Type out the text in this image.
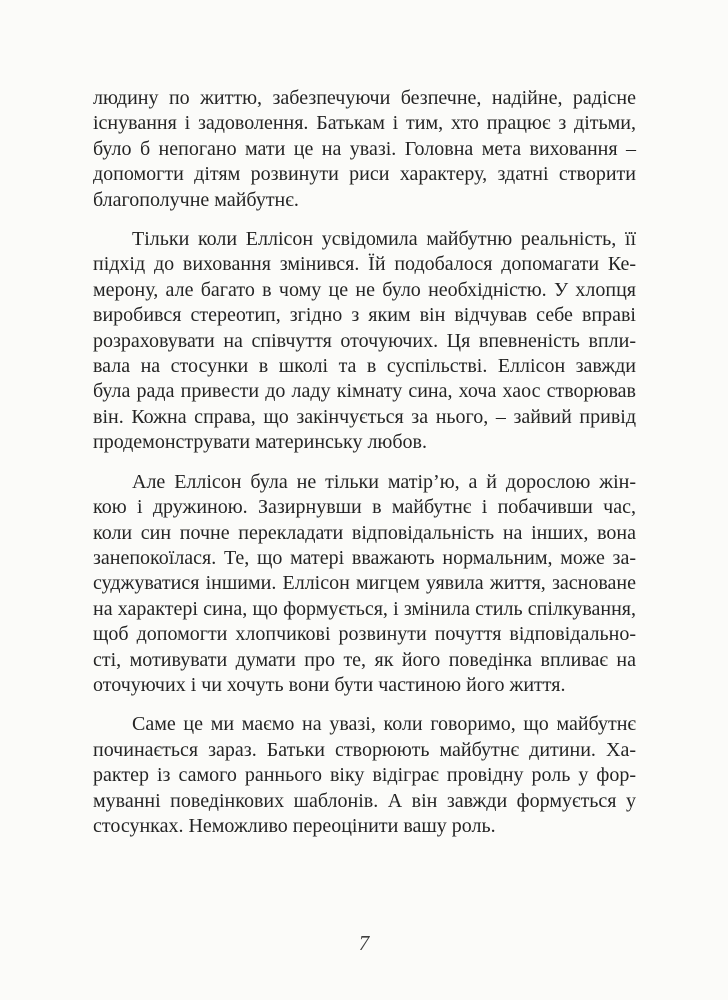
людину по життю, забезпечуючи безпечне, надійне, радісне
існування і задоволення. Батькам і тим, хто працює з дітьми,
було б непогано мати це на увазі. Головна мета виховання –
допомогти дітям розвинути риси характеру, здатні створити
благополучне майбутнє.
Тільки коли Еллісон усвідомила майбутню реальність, її
підхід до виховання змінився. Їй подобалося допомагати Ке-
мерону, але багато в чому це не було необхідністю. У хлопця
виробився стереотип, згідно з яким він відчував себе вправі
розраховувати на співчуття оточуючих. Ця впевненість впли-
вала на стосунки в школі та в суспільстві. Еллісон завжди
була рада привести до ладу кімнату сина, хоча хаос створював
він. Кожна справа, що закінчується за нього, – зайвий привід
продемонструвати материнську любов.
Але Еллісон була не тільки матір’ю, а й дорослою жін-
кою і дружиною. Зазирнувши в майбутнє і побачивши час,
коли син почне перекладати відповідальність на інших, вона
занепокоїлася. Те, що матері вважають нормальним, може за-
суджуватися іншими. Еллісон мигцем уявила життя, засноване
на характері сина, що формується, і змінила стиль спілкування,
щоб допомогти хлопчикові розвинути почуття відповідально-
сті, мотивувати думати про те, як його поведінка впливає на
оточуючих і чи хочуть вони бути частиною його життя.
Саме це ми маємо на увазі, коли говоримо, що майбутнє
починається зараз. Батьки створюють майбутнє дитини. Ха-
рактер із самого раннього віку відіграє провідну роль у фор-
муванні поведінкових шаблонів. А він завжди формується у
стосунках. Неможливо переоцінити вашу роль.
7
